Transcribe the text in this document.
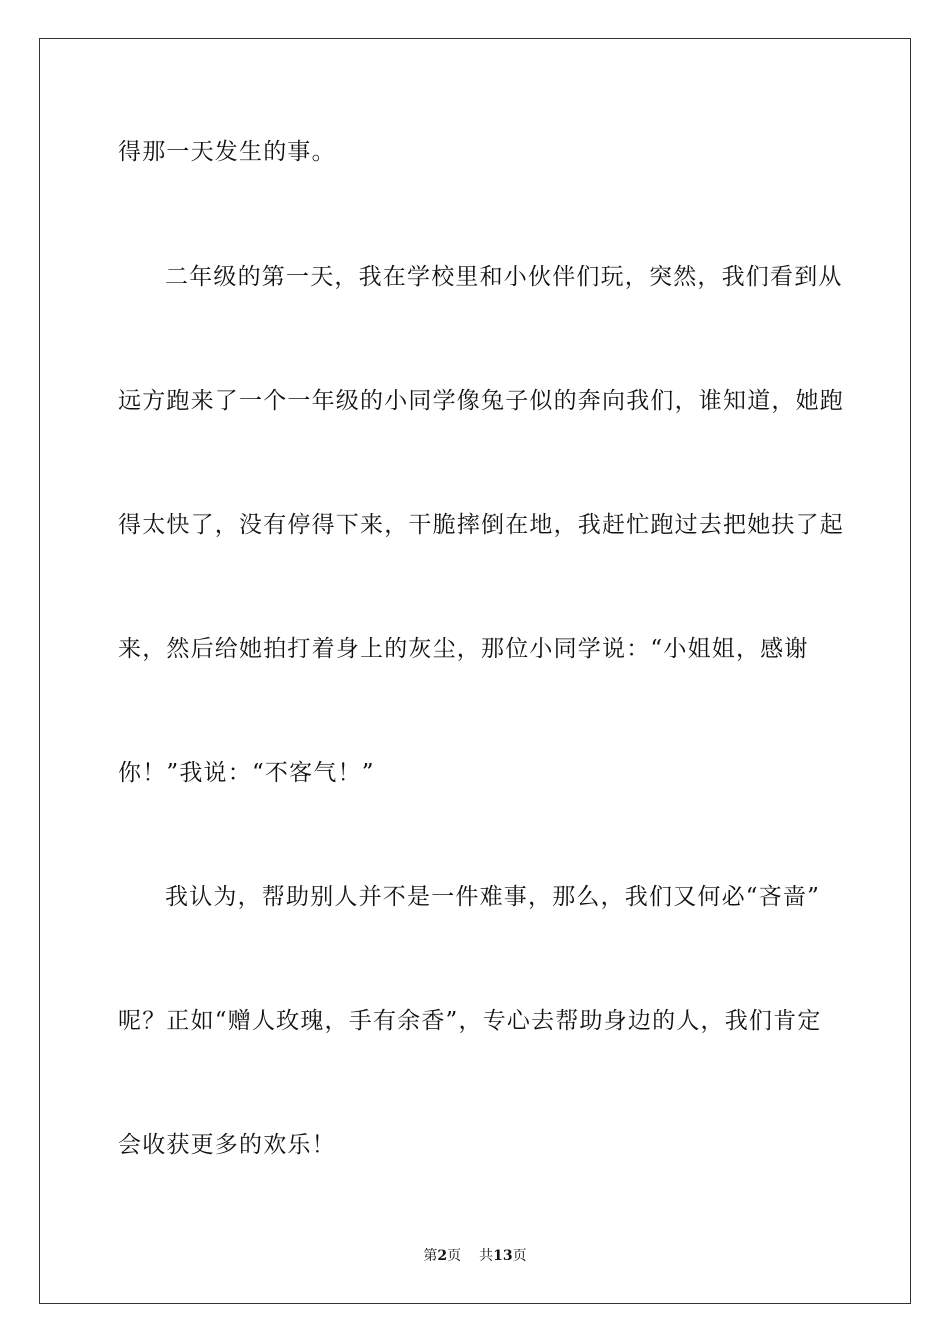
得那一天发生的事。
二年级的第一天，我在学校里和小伙伴们玩，突然，我们看到从
远方跑来了一个一年级的小同学像兔子似的奔向我们，谁知道，她跑
得太快了，没有停得下来，干脆摔倒在地，我赶忙跑过去把她扶了起
来，然后给她拍打着身上的灰尘，那位小同学说：“小姐姐，感谢
你！”我说：“不客气！”
我认为，帮助别人并不是一件难事，那么，我们又何必“吝啬”
呢？正如“赠人玫瑰，手有余香”，专心去帮助身边的人，我们肯定
会收获更多的欢乐！
第2页 共13页
